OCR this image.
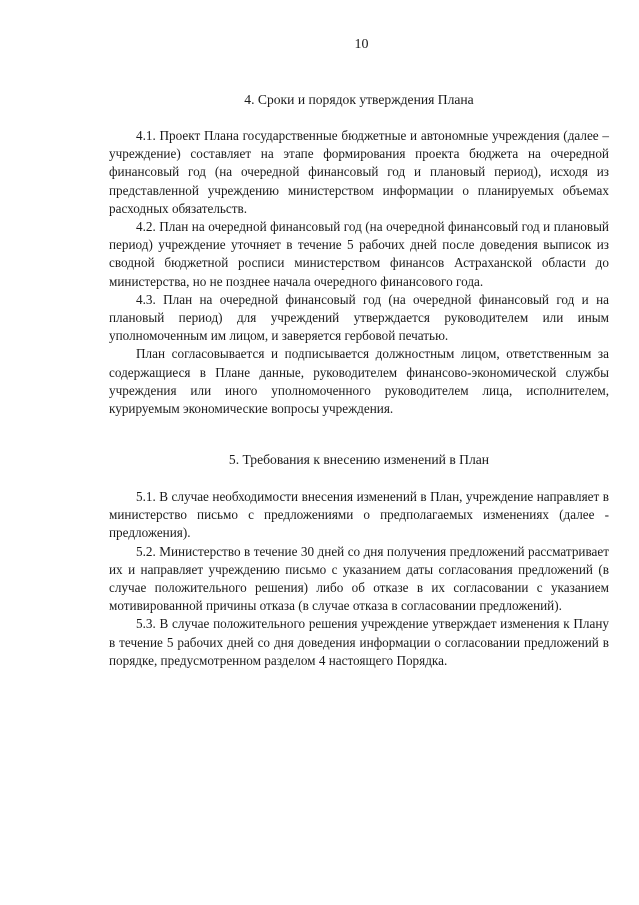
10
4. Сроки и порядок утверждения Плана

4.1. Проект Плана государственные бюджетные и автономные учреждения (далее – учреждение) составляет на этапе формирования проекта бюджета на очередной финансовый год (на очередной финансовый год и плановый период), исходя из представленной учреждению министерством информации о планируемых объемах расходных обязательств.

4.2. План на очередной финансовый год (на очередной финансовый год и плановый период) учреждение уточняет в течение 5 рабочих дней после доведения выписок из сводной бюджетной росписи министерством финансов Астраханской области до министерства, но не позднее начала очередного финансового года.

4.3. План на очередной финансовый год (на очередной финансовый год и на плановый период) для учреждений утверждается руководителем или иным уполномоченным им лицом, и заверяется гербовой печатью.

План согласовывается и подписывается должностным лицом, ответственным за содержащиеся в Плане данные, руководителем финансово-экономической службы учреждения или иного уполномоченного руководителем лица, исполнителем, курируемым экономические вопросы учреждения.

5. Требования к внесению изменений в План

5.1. В случае необходимости внесения изменений в План, учреждение направляет в министерство письмо с предложениями о предполагаемых изменениях (далее - предложения).

5.2. Министерство в течение 30 дней со дня получения предложений рассматривает их и направляет учреждению письмо с указанием даты согласования предложений (в случае положительного решения) либо об отказе в их согласовании с указанием мотивированной причины отказа (в случае отказа в согласовании предложений).

5.3. В случае положительного решения учреждение утверждает изменения к Плану в течение 5 рабочих дней со дня доведения информации о согласовании предложений в порядке, предусмотренном разделом 4 настоящего Порядка.
